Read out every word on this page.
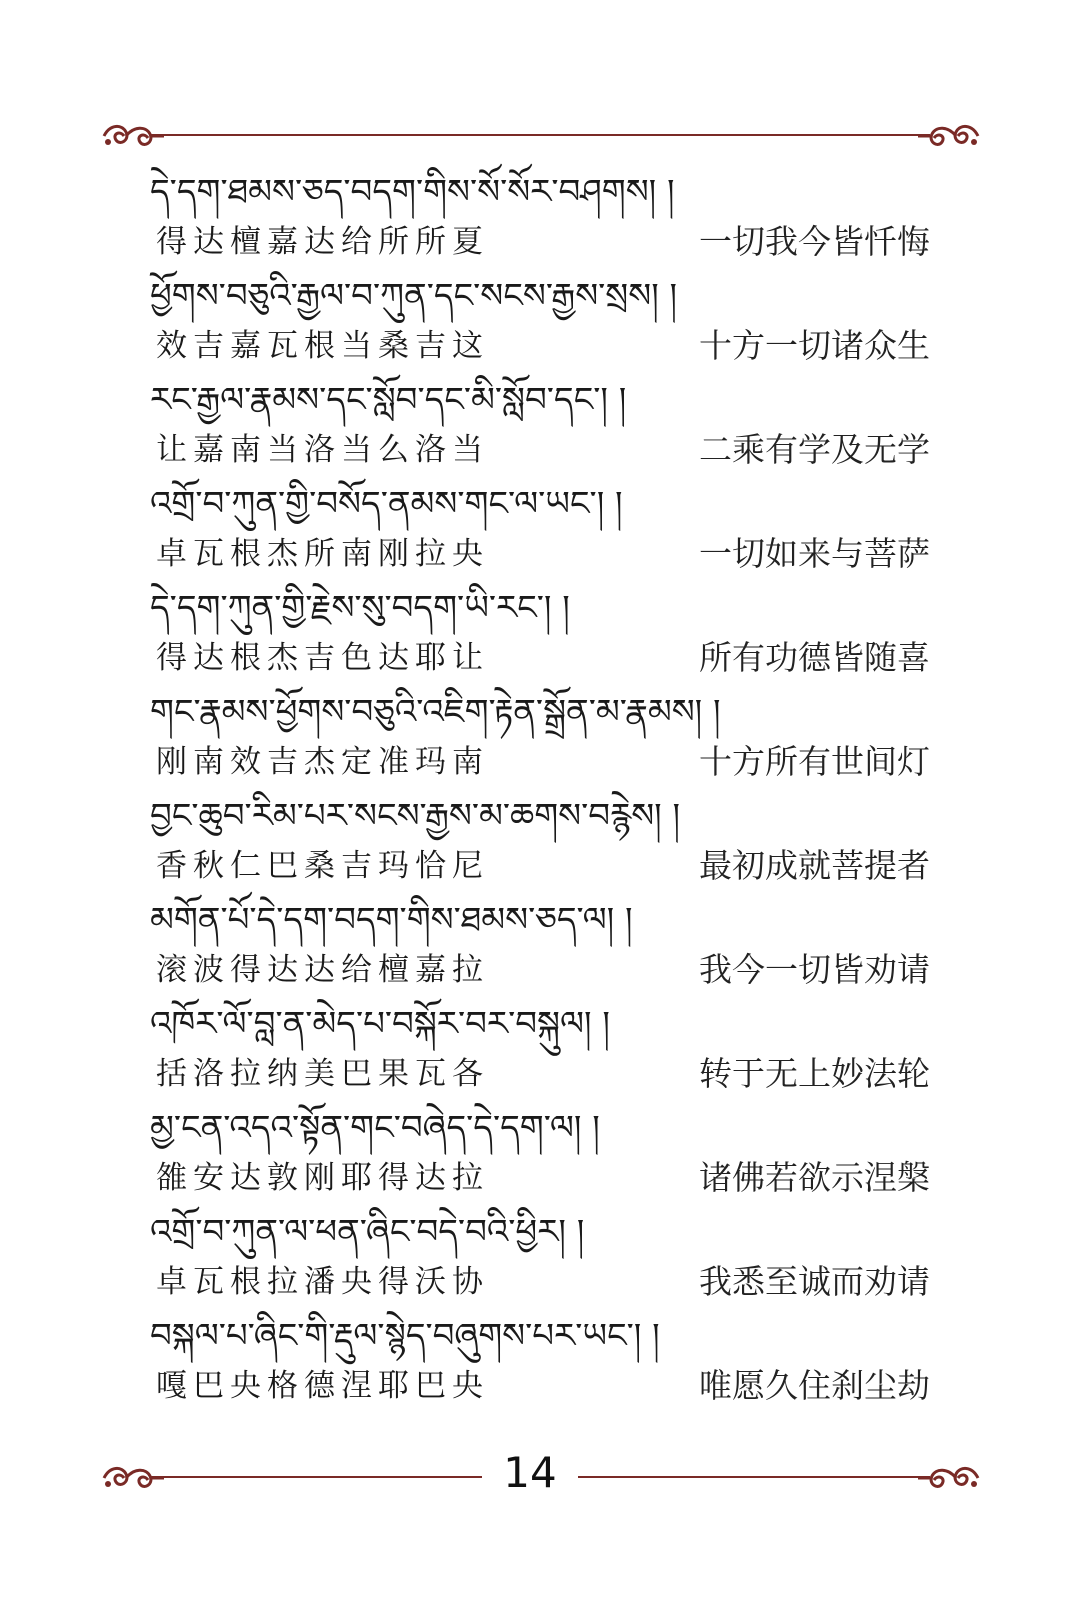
དེ་དག་ཐམས་ཅད་བདག་གིས་སོ་སོར་བཤགས། །
得达檀嘉达给所所夏	一切我今皆忏悔
ཕྱོགས་བཅུའི་རྒྱལ་བ་ཀུན་དང་སངས་རྒྱས་སྲས། །
效吉嘉瓦根当桑吉这	十方一切诸众生
རང་རྒྱལ་རྣམས་དང་སློབ་དང་མི་སློབ་དང་། །
让嘉南当洛当么洛当	二乘有学及无学
འགྲོ་བ་ཀུན་གྱི་བསོད་ནམས་གང་ལ་ཡང་། །
卓瓦根杰所南刚拉央	一切如来与菩萨
དེ་དག་ཀུན་གྱི་རྗེས་སུ་བདག་ཡི་རང་། །
得达根杰吉色达耶让	所有功德皆随喜
གང་རྣམས་ཕྱོགས་བཅུའི་འཇིག་རྟེན་སྒྲོན་མ་རྣམས། །
刚南效吉杰定准玛南	十方所有世间灯
བྱང་ཆུབ་རིམ་པར་སངས་རྒྱས་མ་ཆགས་བརྙེས། །
香秋仁巴桑吉玛恰尼	最初成就菩提者
མགོན་པོ་དེ་དག་བདག་གིས་ཐམས་ཅད་ལ། །
滚波得达达给檀嘉拉	我今一切皆劝请
འཁོར་ལོ་བླ་ན་མེད་པ་བསྐོར་བར་བསྐུལ། །
括洛拉纳美巴果瓦各	转于无上妙法轮
མྱ་ངན་འདའ་སྟོན་གང་བཞེད་དེ་དག་ལ། །
雒安达敦刚耶得达拉	诸佛若欲示涅槃
འགྲོ་བ་ཀུན་ལ་ཕན་ཞིང་བདེ་བའི་ཕྱིར། །
卓瓦根拉潘央得沃协	我悉至诚而劝请
བསྐལ་པ་ཞིང་གི་རྡུལ་སྙེད་བཞུགས་པར་ཡང་། །
嘎巴央格德涅耶巴央	唯愿久住刹尘劫
14
